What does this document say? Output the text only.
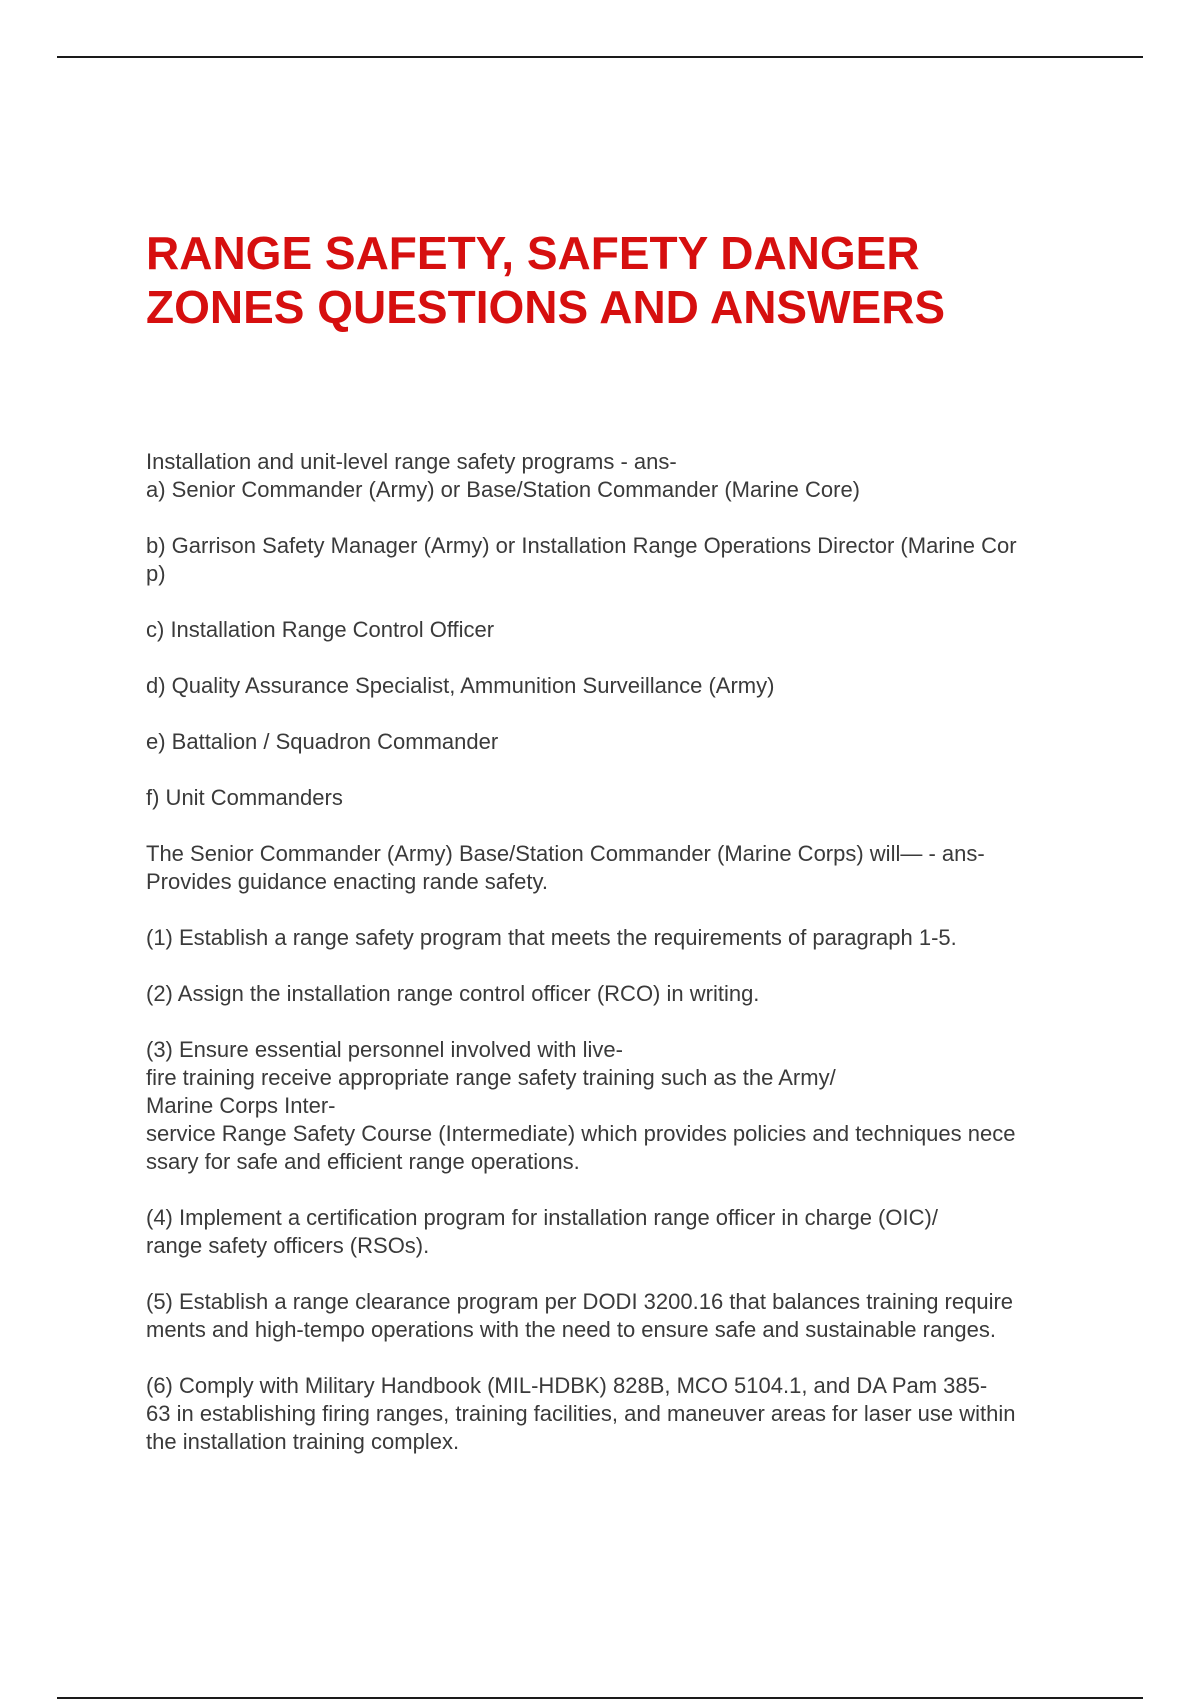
RANGE SAFETY, SAFETY DANGER
ZONES QUESTIONS AND ANSWERS

Installation and unit-level range safety programs - ans-
a) Senior Commander (Army) or Base/Station Commander (Marine Core)

b) Garrison Safety Manager (Army) or Installation Range Operations Director (Marine Cor
p)

c) Installation Range Control Officer

d) Quality Assurance Specialist, Ammunition Surveillance (Army)

e) Battalion / Squadron Commander

f) Unit Commanders

The Senior Commander (Army) Base/Station Commander (Marine Corps) will— - ans-
Provides guidance enacting rande safety.

(1) Establish a range safety program that meets the requirements of paragraph 1-5.

(2) Assign the installation range control officer (RCO) in writing.

(3) Ensure essential personnel involved with live-
fire training receive appropriate range safety training such as the Army/
Marine Corps Inter-
service Range Safety Course (Intermediate) which provides policies and techniques nece
ssary for safe and efficient range operations.

(4) Implement a certification program for installation range officer in charge (OIC)/
range safety officers (RSOs).

(5) Establish a range clearance program per DODI 3200.16 that balances training require
ments and high-tempo operations with the need to ensure safe and sustainable ranges.

(6) Comply with Military Handbook (MIL-HDBK) 828B, MCO 5104.1, and DA Pam 385-
63 in establishing firing ranges, training facilities, and maneuver areas for laser use within
the installation training complex.
